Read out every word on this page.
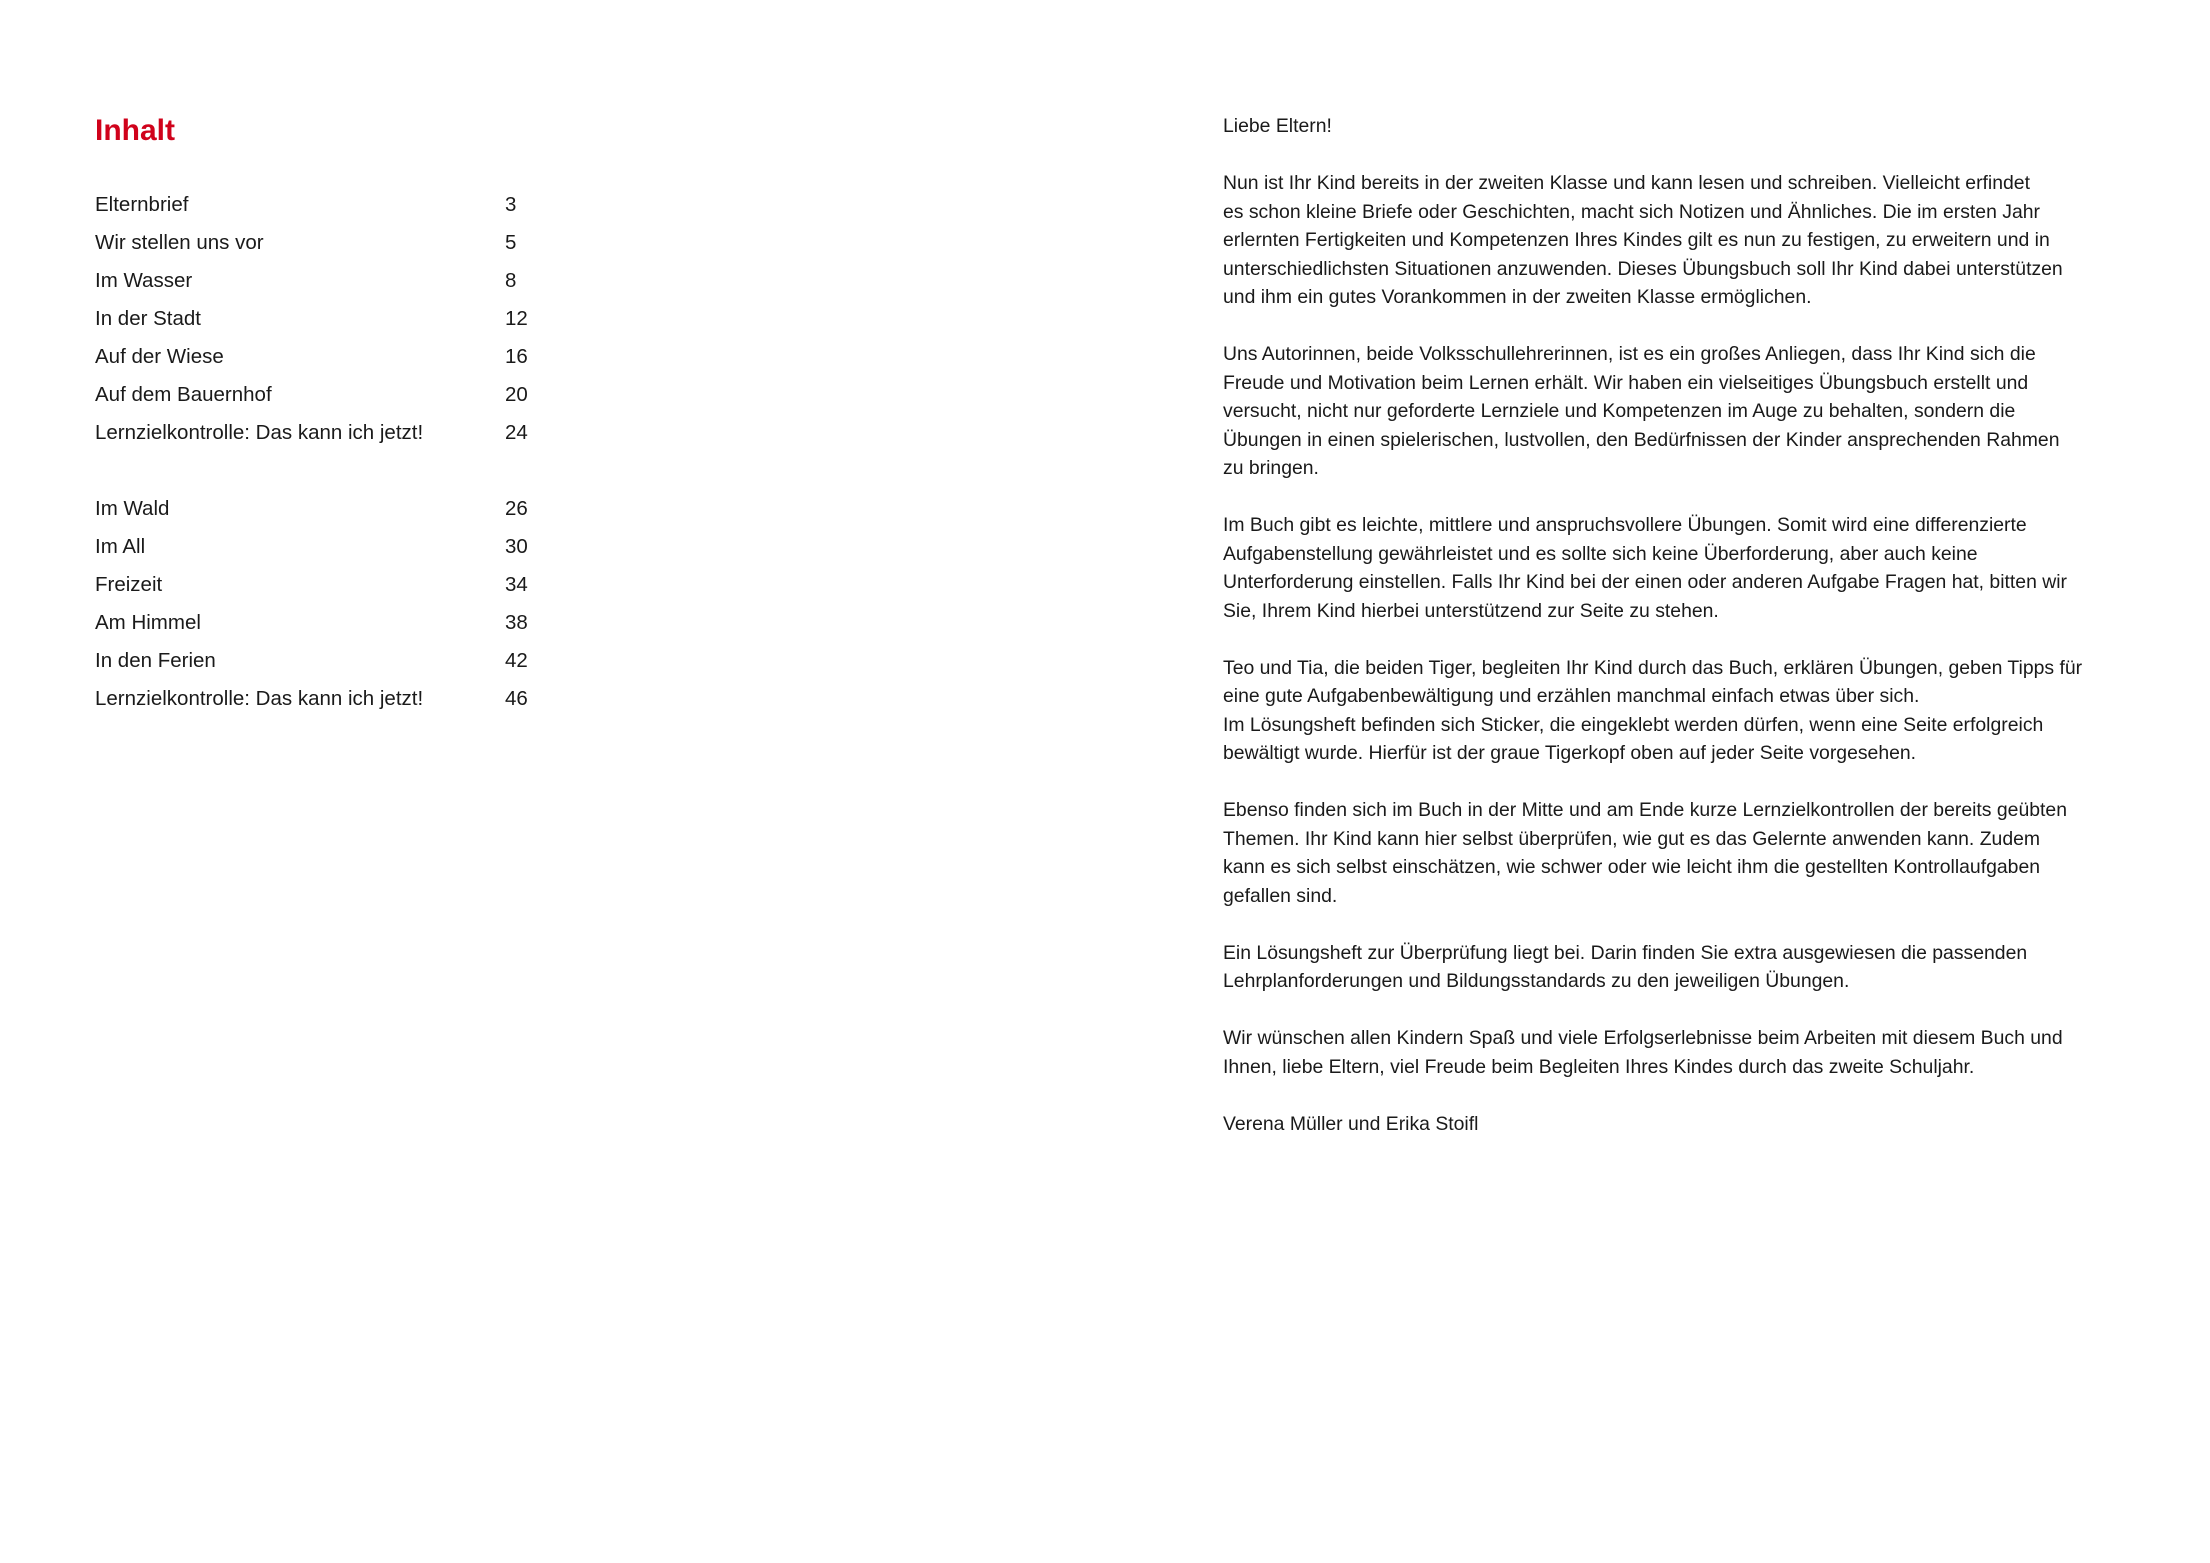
Inhalt
Elternbrief	3
Wir stellen uns vor	5
Im Wasser	8
In der Stadt	12
Auf der Wiese	16
Auf dem Bauernhof	20
Lernzielkontrolle: Das kann ich jetzt!	24
Im Wald	26
Im All	30
Freizeit	34
Am Himmel	38
In den Ferien	42
Lernzielkontrolle: Das kann ich jetzt!	46

Liebe Eltern!

Nun ist Ihr Kind bereits in der zweiten Klasse und kann lesen und schreiben. Vielleicht erfindet
es schon kleine Briefe oder Geschichten, macht sich Notizen und Ähnliches. Die im ersten Jahr
erlernten Fertigkeiten und Kompetenzen Ihres Kindes gilt es nun zu festigen, zu erweitern und in
unterschiedlichsten Situationen anzuwenden. Dieses Übungsbuch soll Ihr Kind dabei unterstützen
und ihm ein gutes Vorankommen in der zweiten Klasse ermöglichen.

Uns Autorinnen, beide Volksschullehrerinnen, ist es ein großes Anliegen, dass Ihr Kind sich die
Freude und Motivation beim Lernen erhält. Wir haben ein vielseitiges Übungsbuch erstellt und
versucht, nicht nur geforderte Lernziele und Kompetenzen im Auge zu behalten, sondern die
Übungen in einen spielerischen, lustvollen, den Bedürfnissen der Kinder ansprechenden Rahmen
zu bringen.

Im Buch gibt es leichte, mittlere und anspruchsvollere Übungen. Somit wird eine differenzierte
Aufgabenstellung gewährleistet und es sollte sich keine Überforderung, aber auch keine
Unterforderung einstellen. Falls Ihr Kind bei der einen oder anderen Aufgabe Fragen hat, bitten wir
Sie, Ihrem Kind hierbei unterstützend zur Seite zu stehen.

Teo und Tia, die beiden Tiger, begleiten Ihr Kind durch das Buch, erklären Übungen, geben Tipps für
eine gute Aufgabenbewältigung und erzählen manchmal einfach etwas über sich.
Im Lösungsheft befinden sich Sticker, die eingeklebt werden dürfen, wenn eine Seite erfolgreich
bewältigt wurde. Hierfür ist der graue Tigerkopf oben auf jeder Seite vorgesehen.

Ebenso finden sich im Buch in der Mitte und am Ende kurze Lernzielkontrollen der bereits geübten
Themen. Ihr Kind kann hier selbst überprüfen, wie gut es das Gelernte anwenden kann. Zudem
kann es sich selbst einschätzen, wie schwer oder wie leicht ihm die gestellten Kontrollaufgaben
gefallen sind.

Ein Lösungsheft zur Überprüfung liegt bei. Darin finden Sie extra ausgewiesen die passenden
Lehrplanforderungen und Bildungsstandards zu den jeweiligen Übungen.

Wir wünschen allen Kindern Spaß und viele Erfolgserlebnisse beim Arbeiten mit diesem Buch und
Ihnen, liebe Eltern, viel Freude beim Begleiten Ihres Kindes durch das zweite Schuljahr.

Verena Müller und Erika Stoifl
